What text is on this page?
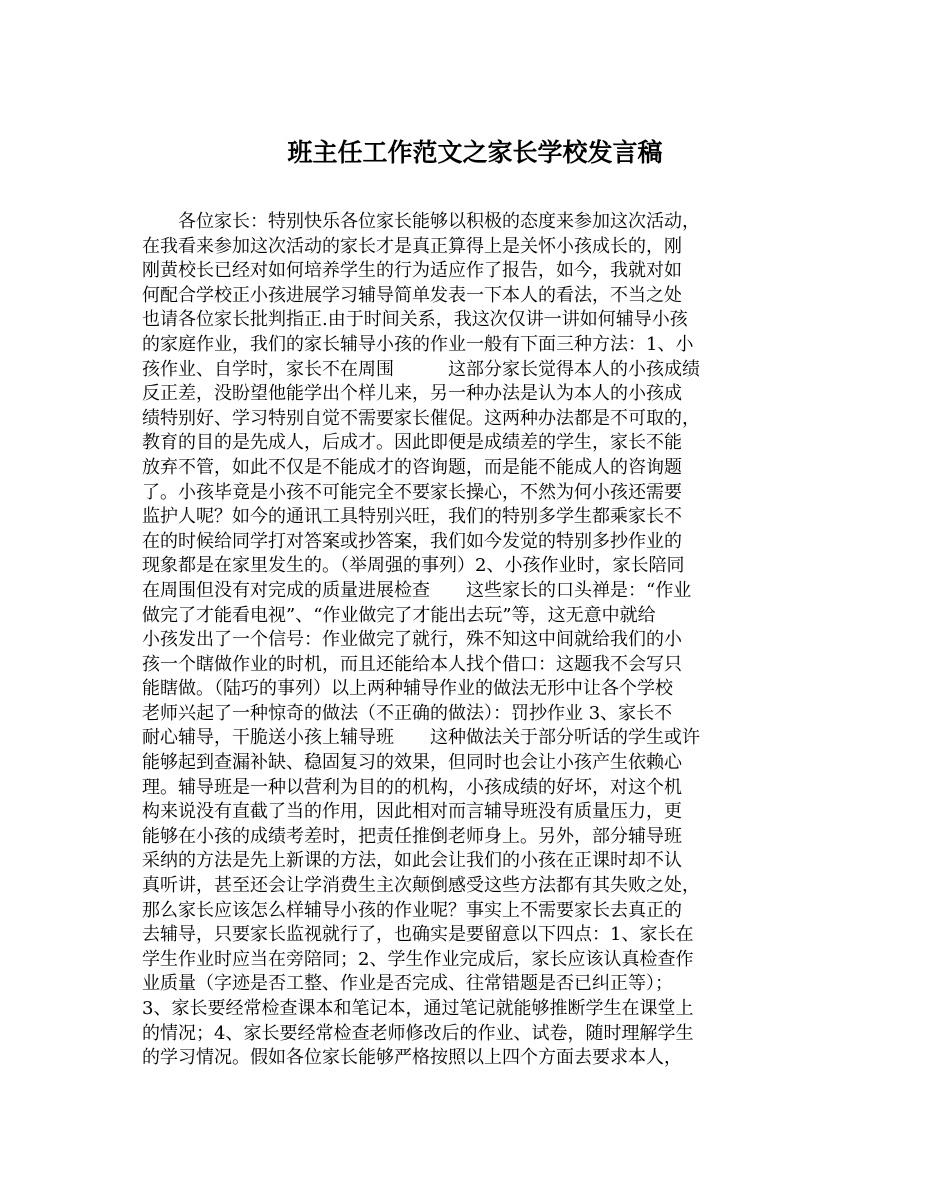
班主任工作范文之家长学校发言稿
　　各位家长：特别快乐各位家长能够以积极的态度来参加这次活动，
在我看来参加这次活动的家长才是真正算得上是关怀小孩成长的，刚
刚黄校长已经对如何培养学生的行为适应作了报告，如今，我就对如
何配合学校正小孩进展学习辅导简单发表一下本人的看法，不当之处
也请各位家长批判指正.由于时间关系，我这次仅讲一讲如何辅导小孩
的家庭作业，我们的家长辅导小孩的作业一般有下面三种方法：1、小
孩作业、自学时，家长不在周围　　　这部分家长觉得本人的小孩成绩
反正差，没盼望他能学出个样儿来，另一种办法是认为本人的小孩成
绩特别好、学习特别自觉不需要家长催促。这两种办法都是不可取的，
教育的目的是先成人，后成才。因此即便是成绩差的学生，家长不能
放弃不管，如此不仅是不能成才的咨询题，而是能不能成人的咨询题
了。小孩毕竟是小孩不可能完全不要家长操心，不然为何小孩还需要
监护人呢？如今的通讯工具特别兴旺，我们的特别多学生都乘家长不
在的时候给同学打对答案或抄答案，我们如今发觉的特别多抄作业的
现象都是在家里发生的。（举周强的事列）2、小孩作业时，家长陪同
在周围但没有对完成的质量进展检查　　这些家长的口头禅是：“作业
做完了才能看电视”、“作业做完了才能出去玩”等，这无意中就给
小孩发出了一个信号：作业做完了就行，殊不知这中间就给我们的小
孩一个瞎做作业的时机，而且还能给本人找个借口：这题我不会写只
能瞎做。（陆巧的事列）以上两种辅导作业的做法无形中让各个学校
老师兴起了一种惊奇的做法（不正确的做法）：罚抄作业 3、家长不
耐心辅导，干脆送小孩上辅导班　　这种做法关于部分听话的学生或许
能够起到查漏补缺、稳固复习的效果，但同时也会让小孩产生依赖心
理。辅导班是一种以营利为目的的机构，小孩成绩的好坏，对这个机
构来说没有直截了当的作用，因此相对而言辅导班没有质量压力，更
能够在小孩的成绩考差时，把责任推倒老师身上。另外，部分辅导班
采纳的方法是先上新课的方法，如此会让我们的小孩在正课时却不认
真听讲，甚至还会让学消费生主次颠倒感受这些方法都有其失败之处，
那么家长应该怎么样辅导小孩的作业呢？事实上不需要家长去真正的
去辅导，只要家长监视就行了，也确实是要留意以下四点：1、家长在
学生作业时应当在旁陪同；2、学生作业完成后，家长应该认真检查作
业质量（字迹是否工整、作业是否完成、往常错题是否已纠正等）；
3、家长要经常检查课本和笔记本，通过笔记就能够推断学生在课堂上
的情况；4、家长要经常检查老师修改后的作业、试卷，随时理解学生
的学习情况。假如各位家长能够严格按照以上四个方面去要求本人，
